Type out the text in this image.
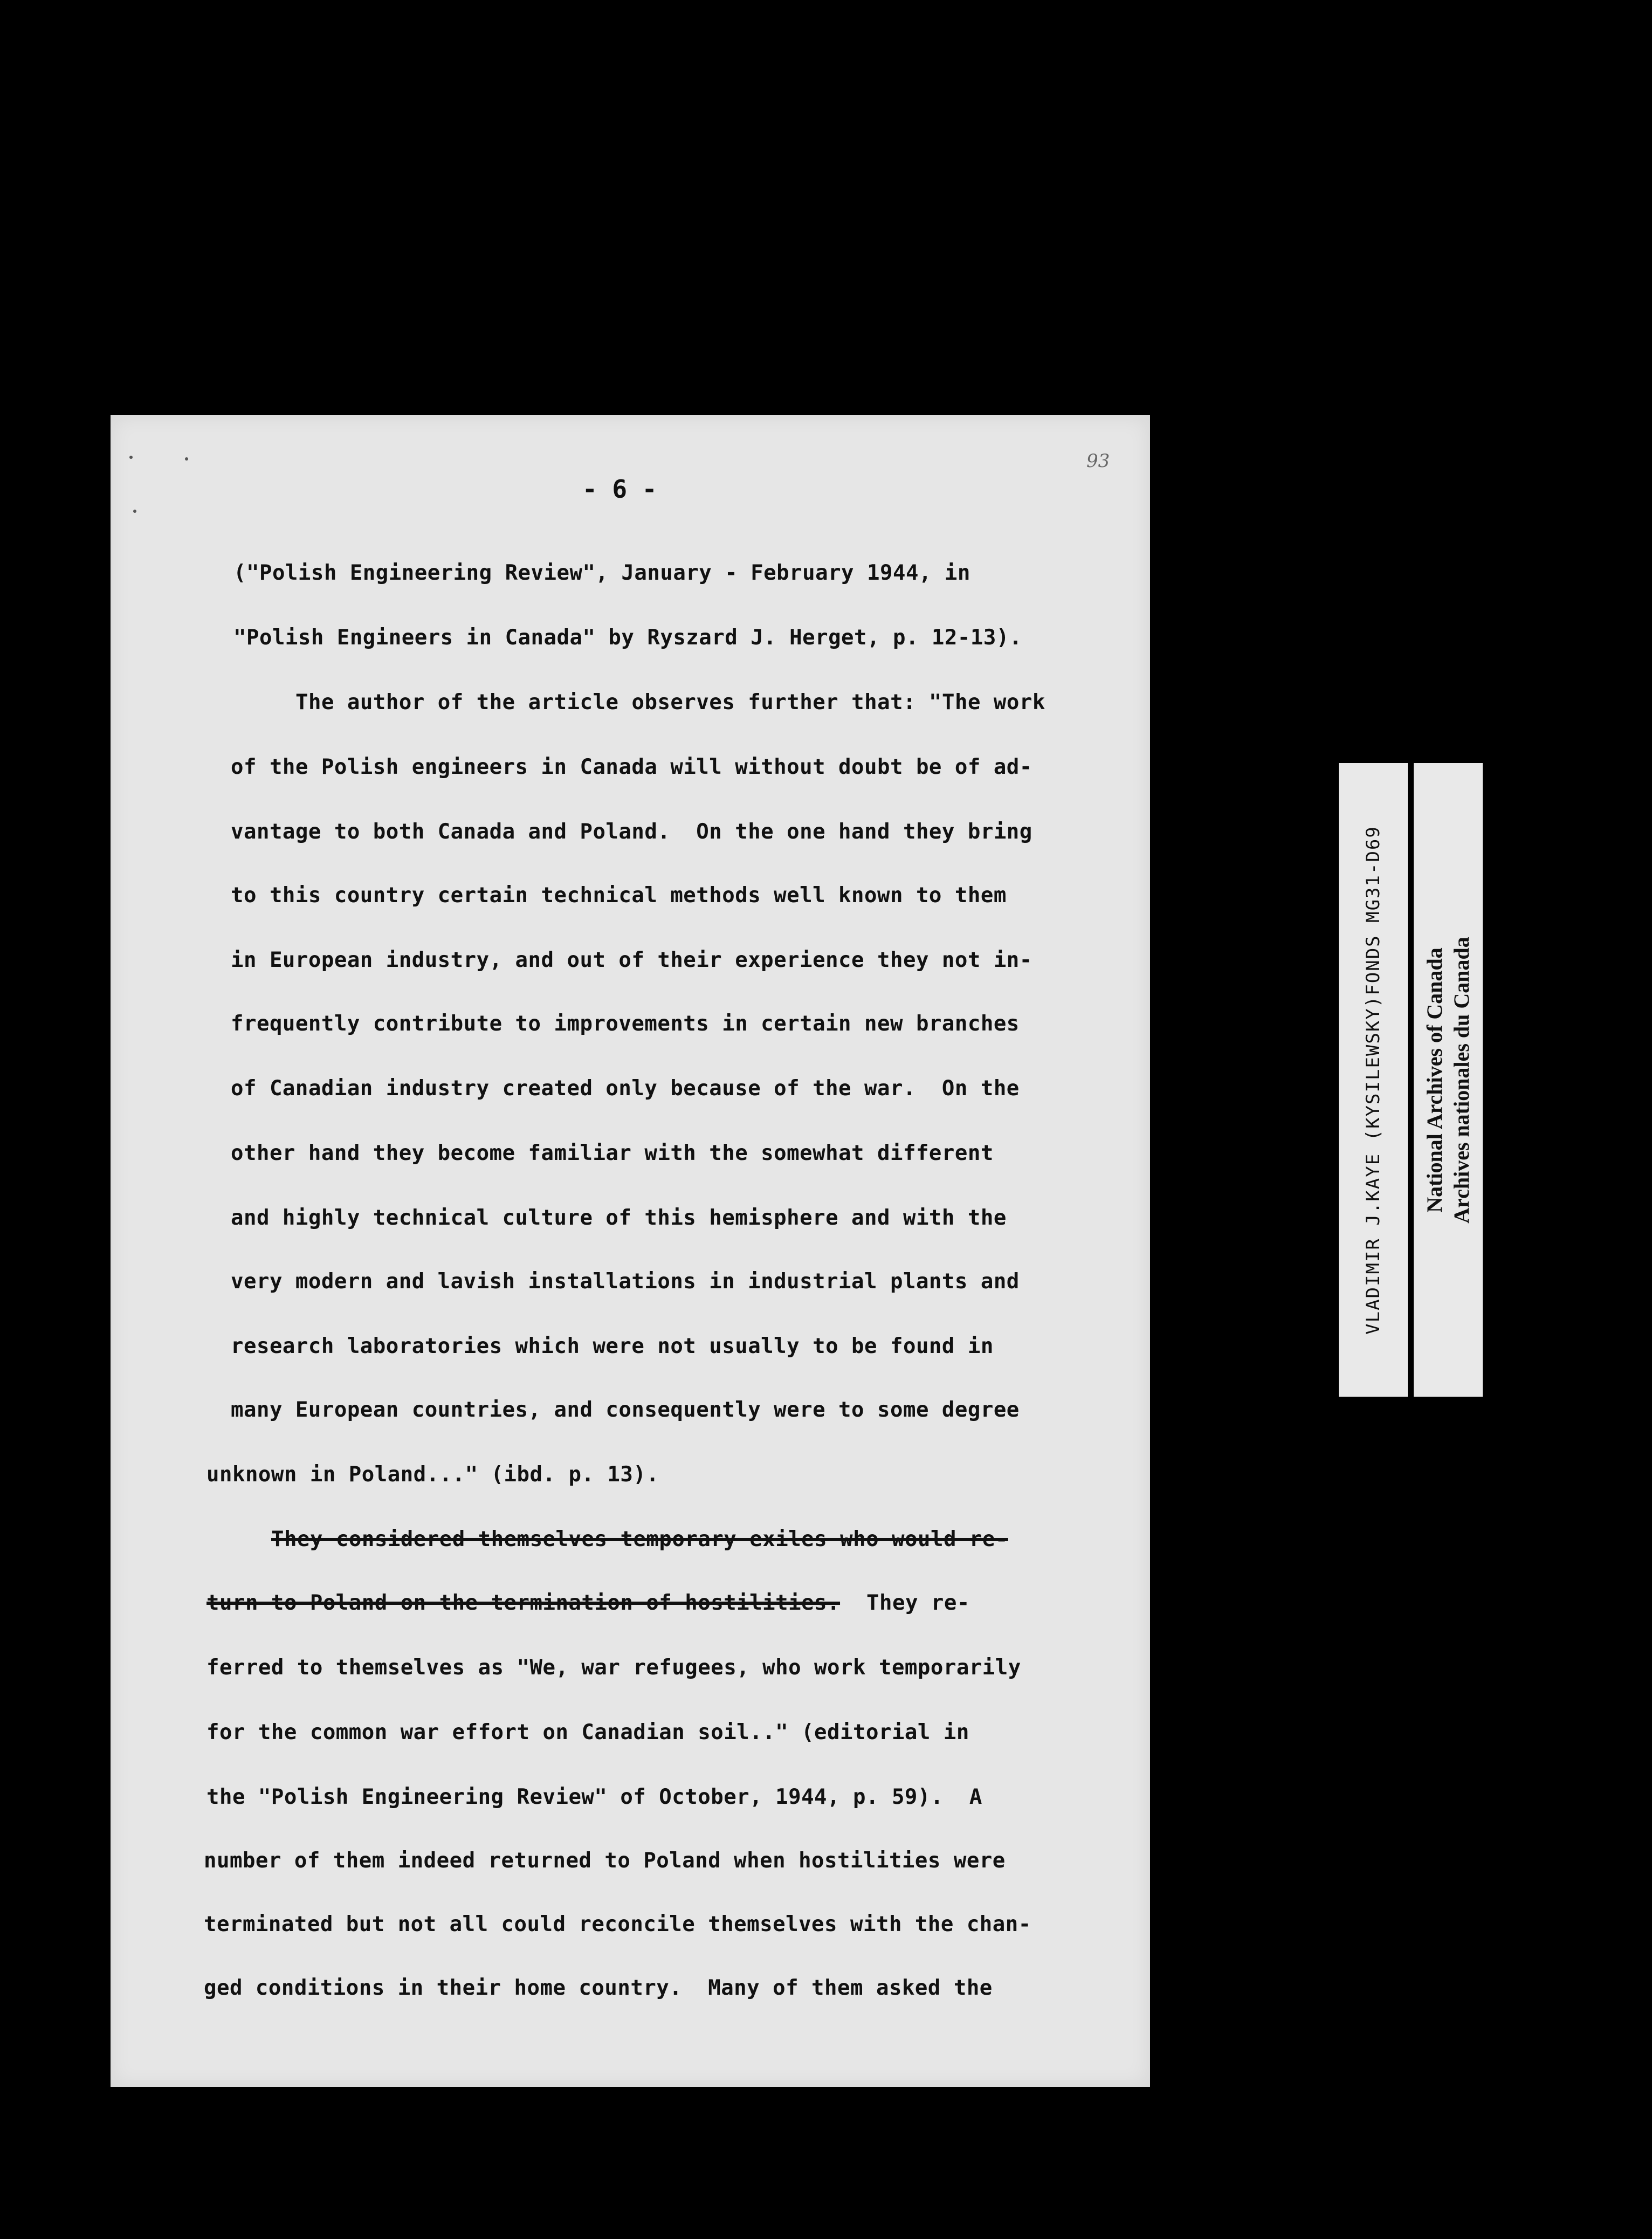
- 6 -
93
("Polish Engineering Review", January - February 1944, in
"Polish Engineers in Canada" by Ryszard J. Herget, p. 12-13).
The author of the article observes further that: "The work
of the Polish engineers in Canada will without doubt be of ad-
vantage to both Canada and Poland.  On the one hand they bring
to this country certain technical methods well known to them
in European industry, and out of their experience they not in-
frequently contribute to improvements in certain new branches
of Canadian industry created only because of the war.  On the
other hand they become familiar with the somewhat different
and highly technical culture of this hemisphere and with the
very modern and lavish installations in industrial plants and
research laboratories which were not usually to be found in
many European countries, and consequently were to some degree
unknown in Poland..." (ibd. p. 13).
They considered themselves temporary exiles who would re-
turn to Poland on the termination of hostilities. They re-
ferred to themselves as "We, war refugees, who work temporarily
for the common war effort on Canadian soil.." (editorial in
the "Polish Engineering Review" of October, 1944, p. 59).  A
number of them indeed returned to Poland when hostilities were
terminated but not all could reconcile themselves with the chan-
ged conditions in their home country.  Many of them asked the
VLADIMIR J.KAYE (KYSILEWSKY)FONDS MG31-D69 National Archives of Canada Archives nationales du Canada
